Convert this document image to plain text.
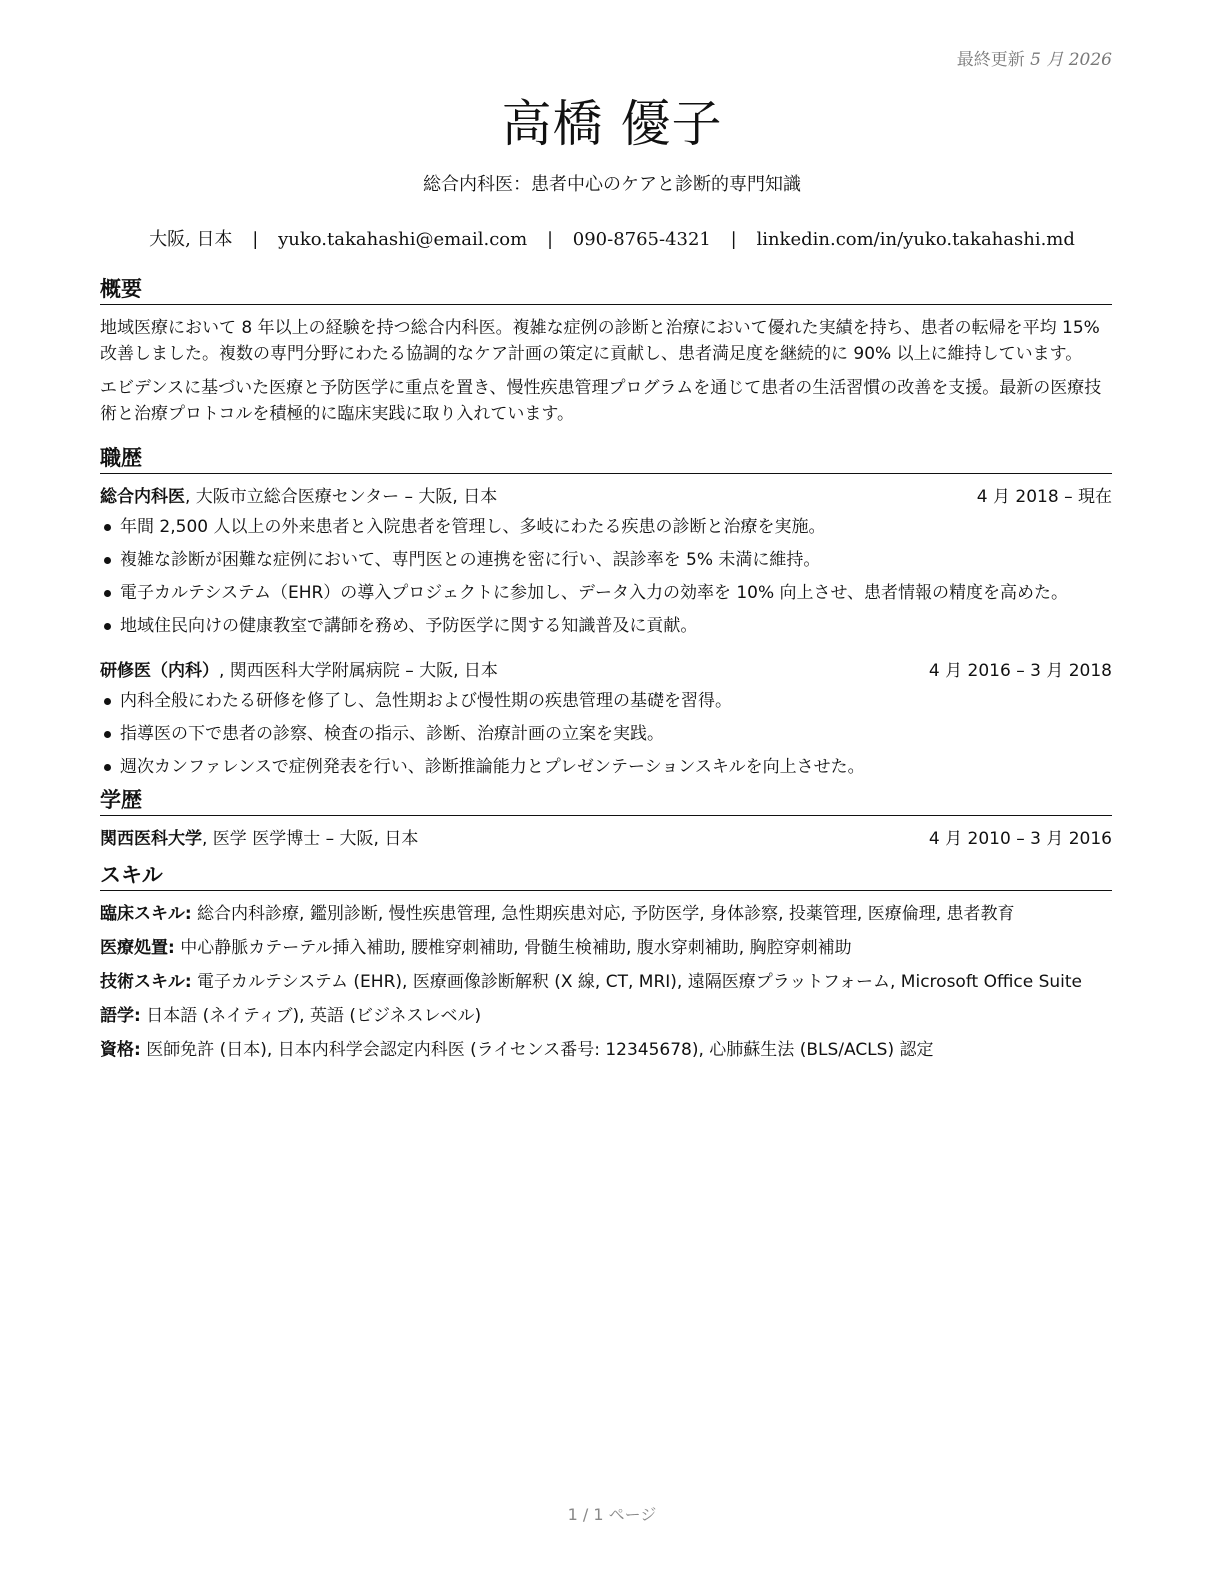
最終更新 5 月 2026
高橋 優子
総合内科医：患者中心のケアと診断的専門知識
大阪, 日本 | yuko.takahashi@email.com | 090-8765-4321 | linkedin.com/in/yuko.takahashi.md
概要

地域医療において 8 年以上の経験を持つ総合内科医。複雑な症例の診断と治療において優れた実績を持ち、患者の転帰を平均 15% 改善しました。複数の専門分野にわたる協調的なケア計画の策定に貢献し、患者満足度を継続的に 90% 以上に維持しています。

エビデンスに基づいた医療と予防医学に重点を置き、慢性疾患管理プログラムを通じて患者の生活習慣の改善を支援。最新の医療技術と治療プロトコルを積極的に臨床実践に取り入れています。

職歴
総合内科医, 大阪市立総合医療センター – 大阪, 日本	4 月 2018 – 現在
年間 2,500 人以上の外来患者と入院患者を管理し、多岐にわたる疾患の診断と治療を実施。
複雑な診断が困難な症例において、専門医との連携を密に行い、誤診率を 5% 未満に維持。
電子カルテシステム（EHR）の導入プロジェクトに参加し、データ入力の効率を 10% 向上させ、患者情報の精度を高めた。
地域住民向けの健康教室で講師を務め、予防医学に関する知識普及に貢献。
研修医（内科）, 関西医科大学附属病院 – 大阪, 日本	4 月 2016 – 3 月 2018
内科全般にわたる研修を修了し、急性期および慢性期の疾患管理の基礎を習得。
指導医の下で患者の診察、検査の指示、診断、治療計画の立案を実践。
週次カンファレンスで症例発表を行い、診断推論能力とプレゼンテーションスキルを向上させた。
学歴
関西医科大学, 医学 医学博士 – 大阪, 日本	4 月 2010 – 3 月 2016
スキル
臨床スキル: 総合内科診療, 鑑別診断, 慢性疾患管理, 急性期疾患対応, 予防医学, 身体診察, 投薬管理, 医療倫理, 患者教育
医療処置: 中心静脈カテーテル挿入補助, 腰椎穿刺補助, 骨髄生検補助, 腹水穿刺補助, 胸腔穿刺補助
技術スキル: 電子カルテシステム (EHR), 医療画像診断解釈 (X 線, CT, MRI), 遠隔医療プラットフォーム, Microsoft Office Suite
語学: 日本語 (ネイティブ), 英語 (ビジネスレベル)
資格: 医師免許 (日本), 日本内科学会認定内科医 (ライセンス番号: 12345678), 心肺蘇生法 (BLS/ACLS) 認定
1 / 1 ページ
